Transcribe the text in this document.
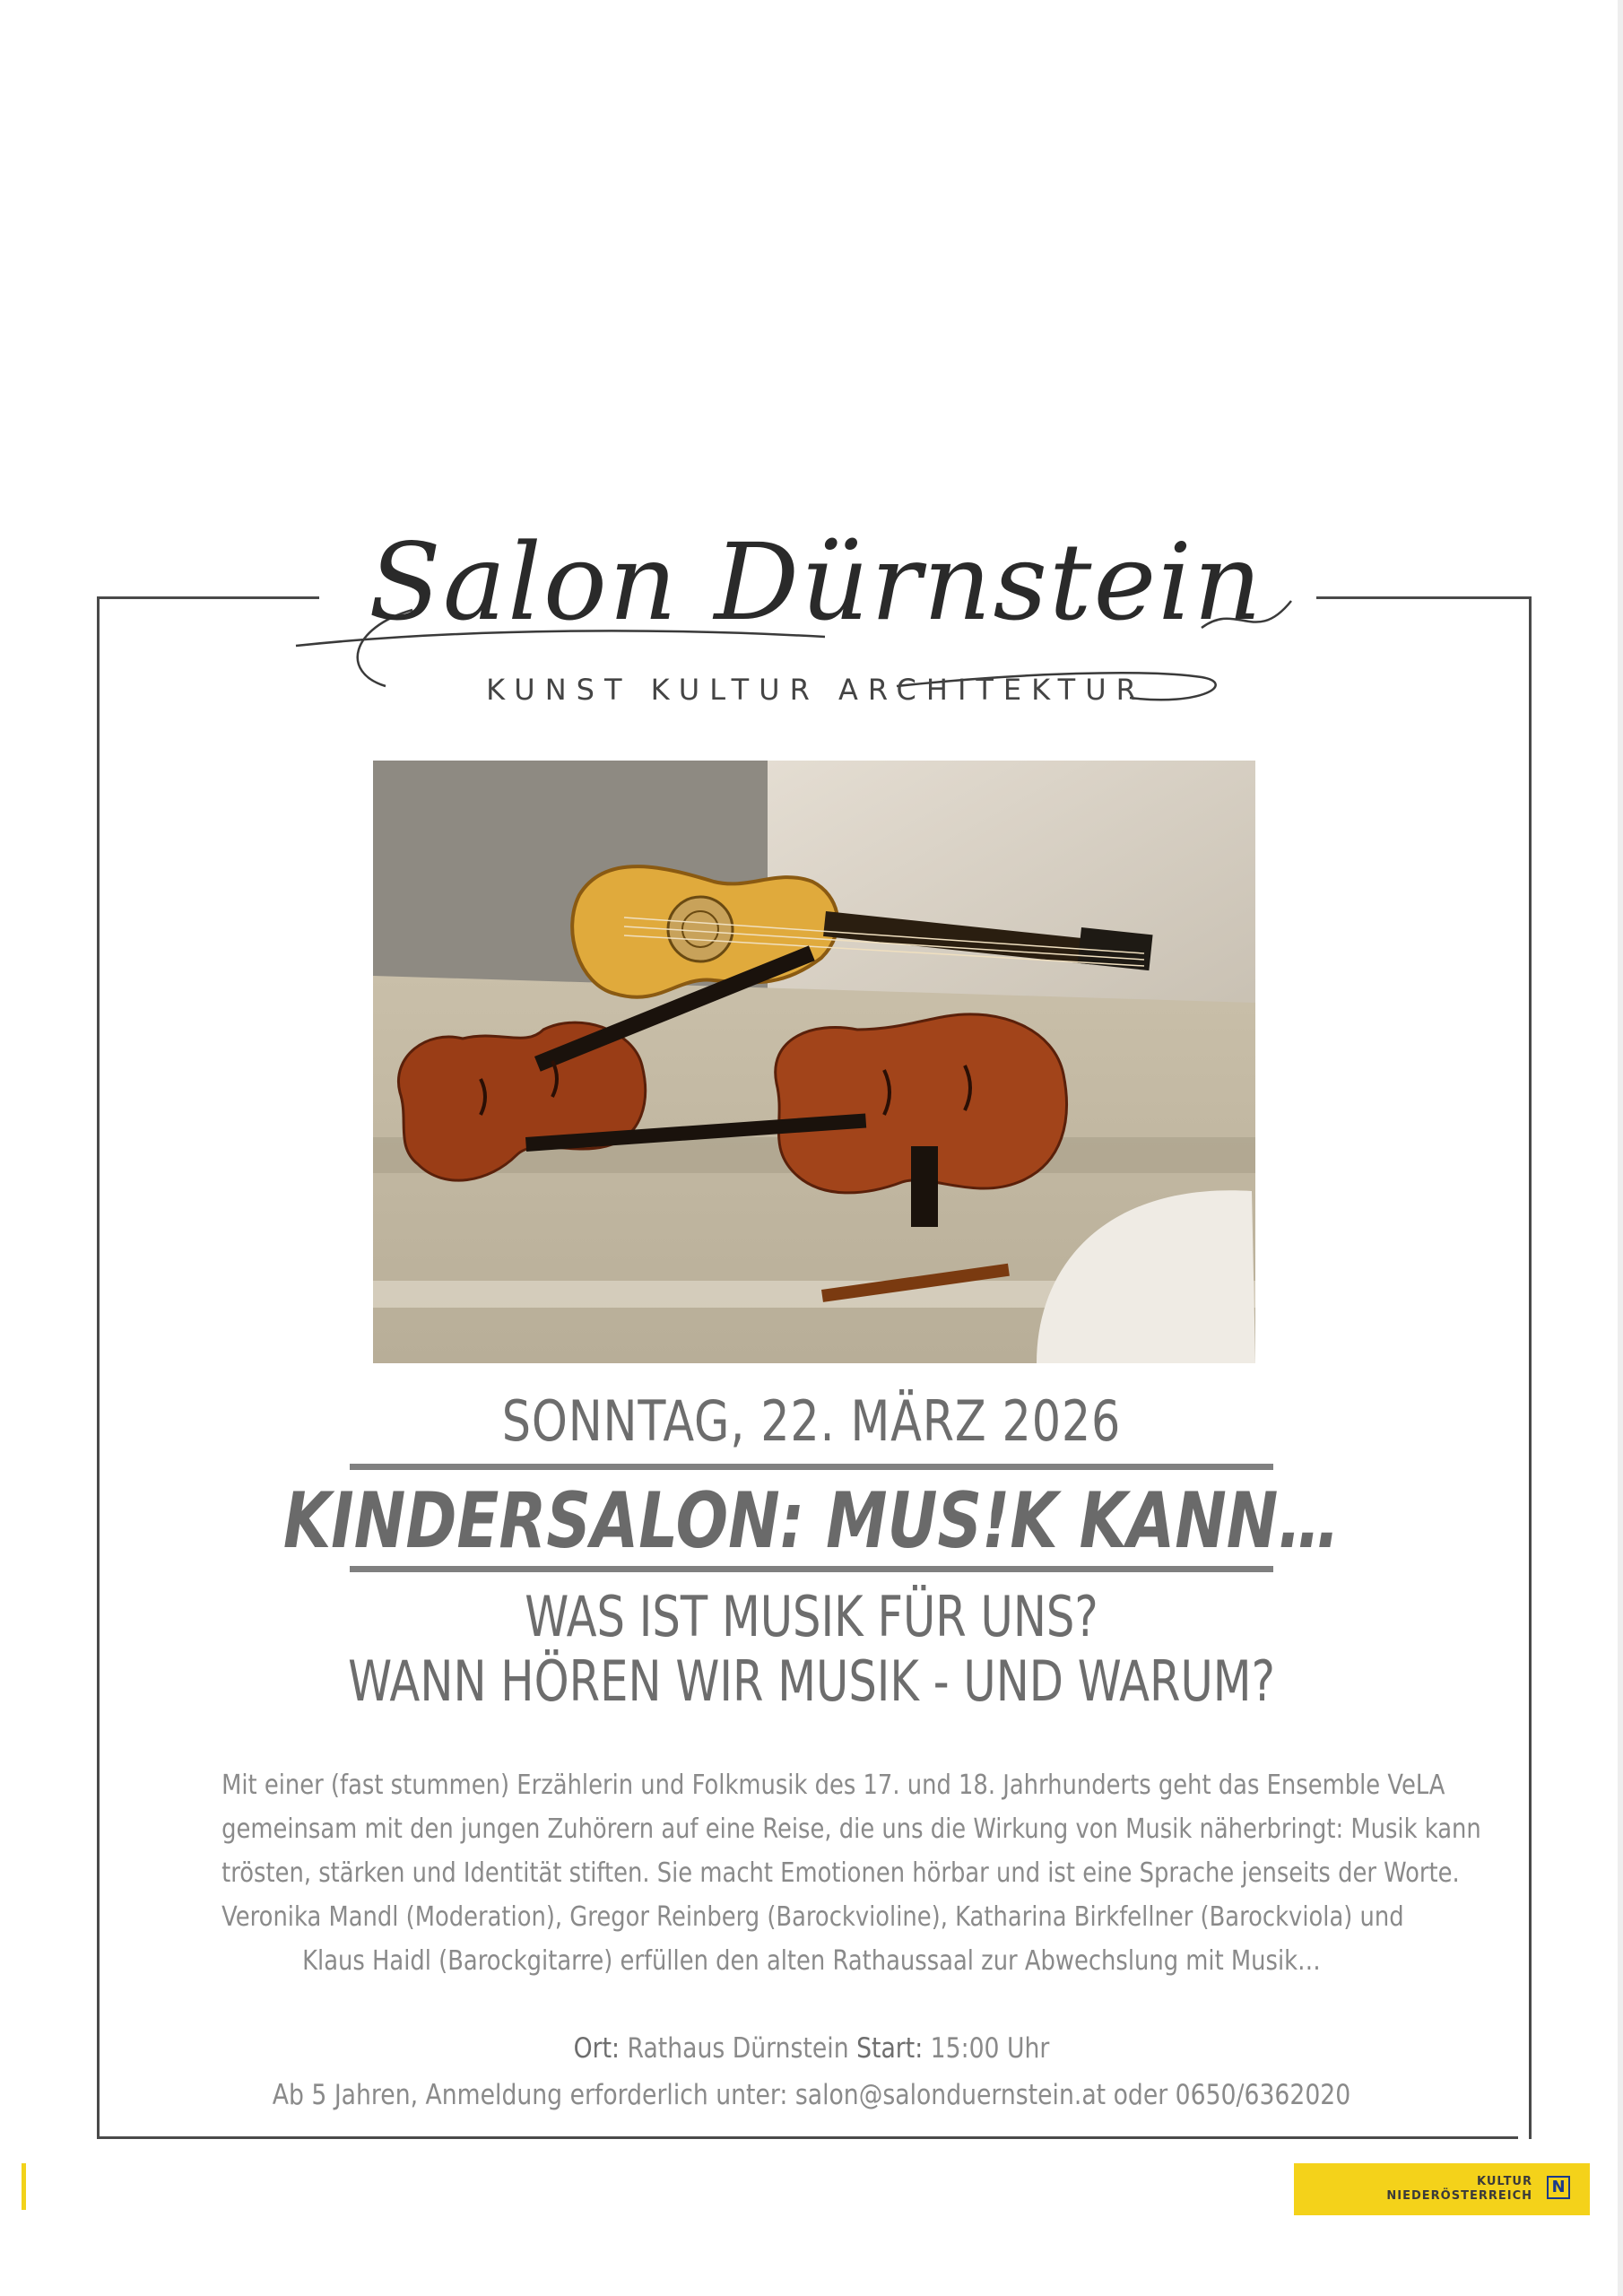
Salon Dürnstein
KUNST KULTUR ARCHITEKTUR
SONNTAG, 22. MÄRZ 2026
KINDERSALON: MUS!K KANN…
WAS IST MUSIK FÜR UNS?
WANN HÖREN WIR MUSIK - UND WARUM?
Mit einer (fast stummen) Erzählerin und Folkmusik des 17. und 18. Jahrhunderts geht das Ensemble VeLA
gemeinsam mit den jungen Zuhörern auf eine Reise, die uns die Wirkung von Musik näherbringt: Musik kann
trösten, stärken und Identität stiften. Sie macht Emotionen hörbar und ist eine Sprache jenseits der Worte.
Veronika Mandl (Moderation), Gregor Reinberg (Barockvioline), Katharina Birkfellner (Barockviola) und
Klaus Haidl (Barockgitarre) erfüllen den alten Rathaussaal zur Abwechslung mit Musik…
Ort: Rathaus Dürnstein Start: 15:00 Uhr
Ab 5 Jahren, Anmeldung erforderlich unter: salon@salonduernstein.at oder 0650/6362020
KULTUR
NIEDERÖSTERREICH	N
